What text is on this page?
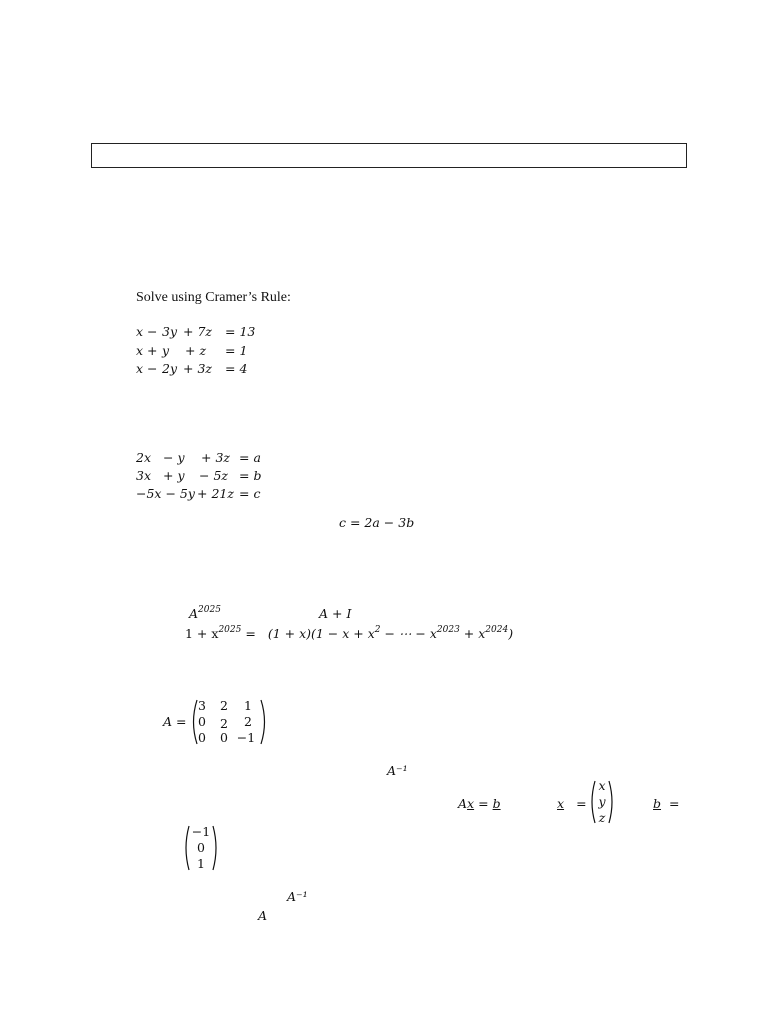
Solve using Cramer’s Rule:
x − 3y + 7z = 13
x + y + z = 1
x − 2y + 3z = 4
2x − y + 3z = a
3x + y − 5z = b
−5x − 5y + 21z = c
c = 2a − 3b
$A^{2025}$	A + I
$1 + x^{2025} = (1 + x)(1 - x + x^2$ − ⋯ − $x^{2023} + x^{2024}$)
A =
3 2 1
0 2 2
0 0 −1
A⁻¹
Ax = b	x =
x
y
z
b =
−1
0
1
A⁻¹
A
